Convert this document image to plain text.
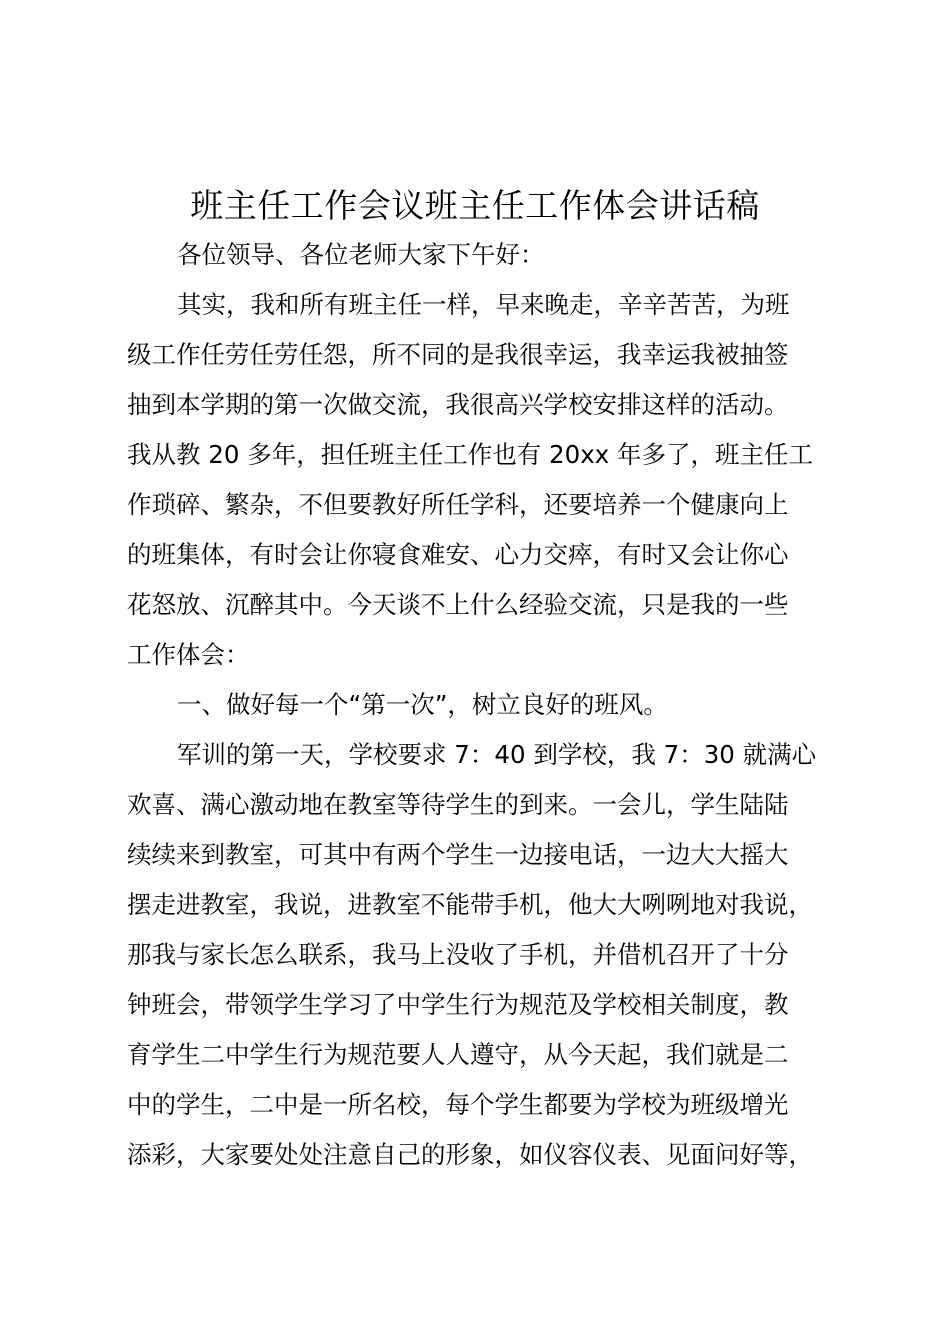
班主任工作会议班主任工作体会讲话稿
各位领导、各位老师大家下午好：
其实，我和所有班主任一样，早来晚走，辛辛苦苦，为班
级工作任劳任劳任怨，所不同的是我很幸运，我幸运我被抽签
抽到本学期的第一次做交流，我很高兴学校安排这样的活动。
我从教 20 多年，担任班主任工作也有 20xx 年多了，班主任工
作琐碎、繁杂，不但要教好所任学科，还要培养一个健康向上
的班集体，有时会让你寝食难安、心力交瘁，有时又会让你心
花怒放、沉醉其中。今天谈不上什么经验交流，只是我的一些
工作体会：
一、做好每一个“第一次”，树立良好的班风。
军训的第一天，学校要求 7：40 到学校，我 7：30 就满心
欢喜、满心激动地在教室等待学生的到来。一会儿，学生陆陆
续续来到教室，可其中有两个学生一边接电话，一边大大摇大
摆走进教室，我说，进教室不能带手机，他大大咧咧地对我说，
那我与家长怎么联系，我马上没收了手机，并借机召开了十分
钟班会，带领学生学习了中学生行为规范及学校相关制度，教
育学生二中学生行为规范要人人遵守，从今天起，我们就是二
中的学生，二中是一所名校，每个学生都要为学校为班级增光
添彩，大家要处处注意自己的形象，如仪容仪表、见面问好等，
